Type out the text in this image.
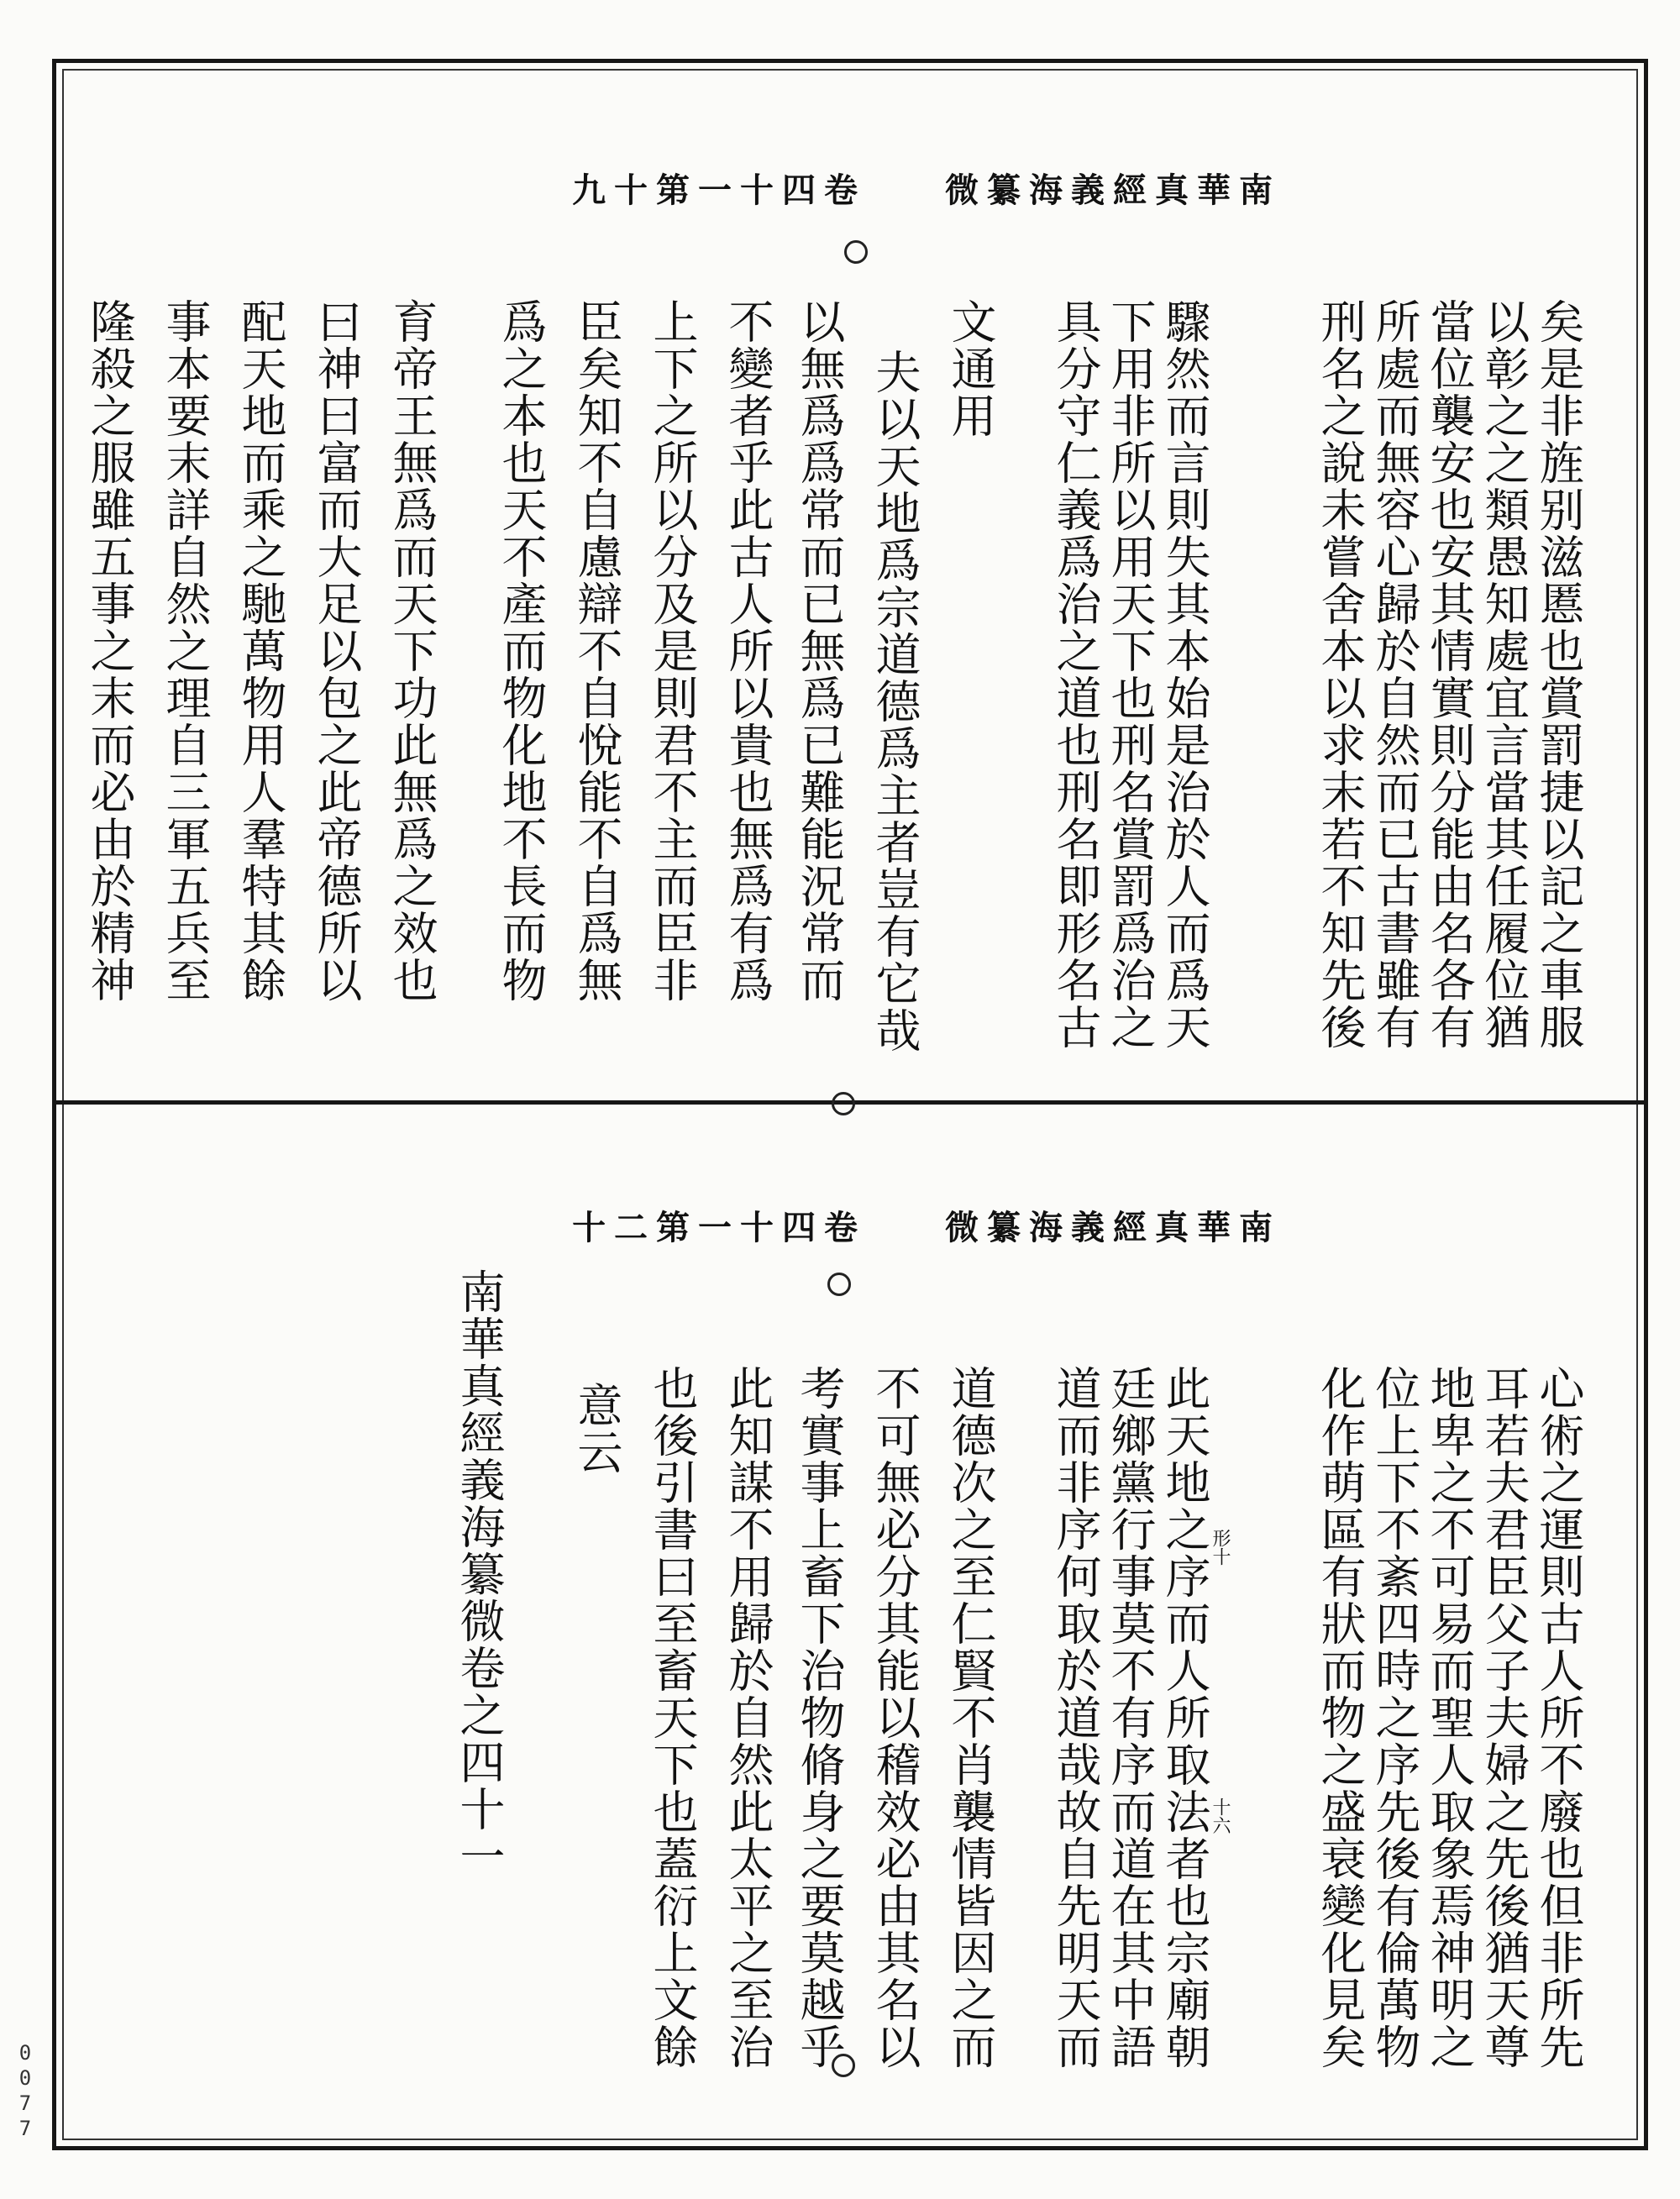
南華真經義海纂微 卷四十一第十九
矣是非旌别滋慝也賞罰捷以記之車服
以彰之之類愚知處宜言當其任履位猶
當位襲安也安其情實則分能由名各有
所處而無容心歸於自然而已古書雖有
刑名之說未嘗舍本以求末若不知先後
驟然而言則失其本始是治於人而爲天
下用非所以用天下也刑名賞罰爲治之
具分守仁義爲治之道也刑名即形名古
文通用
夫以天地爲宗道德爲主者豈有它哉
以無爲爲常而已無爲已難能況常而
不變者乎此古人所以貴也無爲有爲
上下之所以分及是則君不主而臣非
臣矣知不自慮辯不自悅能不自爲無
爲之本也天不產而物化地不長而物
育帝王無爲而天下功此無爲之效也
曰神曰富而大足以包之此帝德所以
配天地而乘之馳萬物用人羣特其餘
事本要末詳自然之理自三軍五兵至
隆殺之服雖五事之末而必由於精神
南華真經義海纂微 卷四十一第二十
心術之運則古人所不廢也但非所先
耳若夫君臣父子夫婦之先後猶天尊
地卑之不可易而聖人取象焉神明之
位上下不紊四時之序先後有倫萬物
化作萌區有狀而物之盛衰變化見矣
此天地之序而人所取法者也宗廟朝
廷鄉黨行事莫不有序而道在其中語
道而非序何取於道哉故自先明天而
道德次之至仁賢不肖襲情皆因之而
不可無必分其能以稽效必由其名以
考實事上畜下治物脩身之要莫越乎
此知謀不用歸於自然此太平之至治
也後引書曰至畜天下也蓋衍上文餘
意云
南華真經義海纂微卷之四十一	形十
十六
0077
